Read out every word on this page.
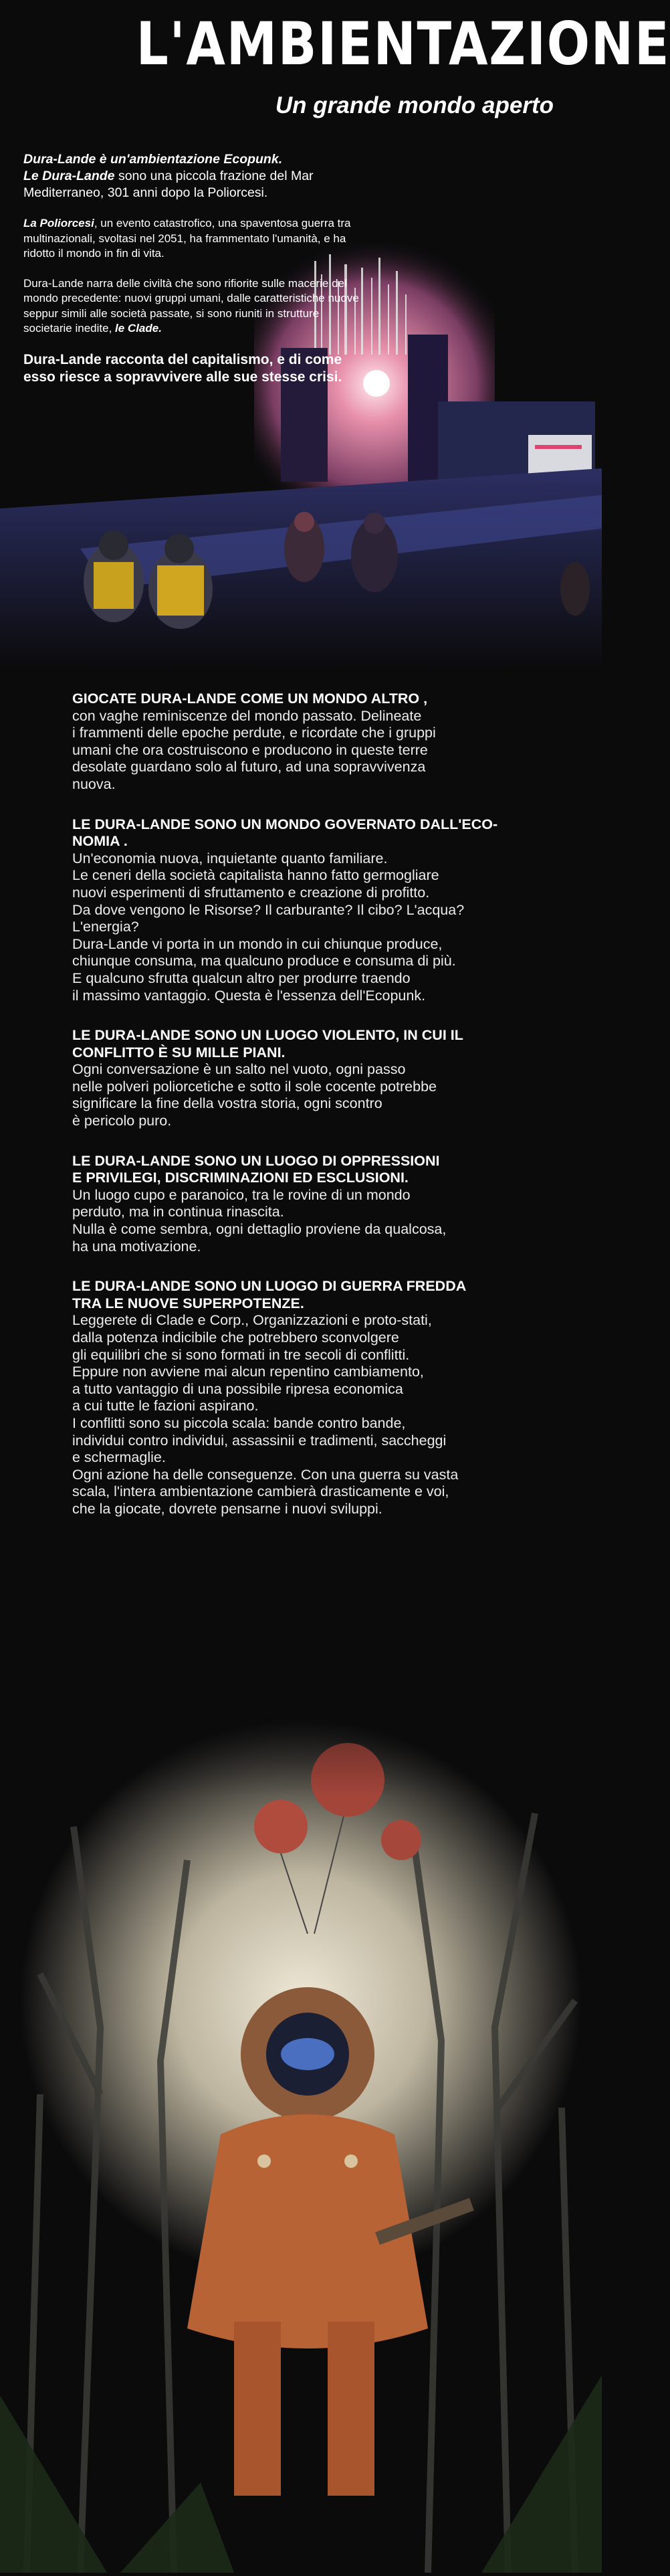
L'AMBIENTAZIONE

Un grande mondo aperto

Dura-Lande è un'ambientazione Ecopunk.
Le Dura-Lande sono una piccola frazione del Mar Mediterraneo, 301 anni dopo la Poliorcesi.

La Poliorcesi, un evento catastrofico, una spaventosa guerra tra multinazionali, svoltasi nel 2051, ha frammentato l'umanità, e ha ridotto il mondo in fin di vita.

Dura-Lande narra delle civiltà che sono rifiorite sulle macerie del mondo precedente: nuovi gruppi umani, dalle caratteristiche nuove seppur simili alle società passate, si sono riuniti in strutture societarie inedite, le Clade.

Dura-Lande racconta del capitalismo, e di come esso riesce a sopravvivere alle sue stesse crisi.

GIOCATE DURA-LANDE COME UN MONDO ALTRO ,

con vaghe reminiscenze del mondo passato. Delineate
i frammenti delle epoche perdute, e ricordate che i gruppi
umani che ora costruiscono e producono in queste terre
desolate guardano solo al futuro, ad una sopravvivenza
nuova.

LE DURA-LANDE SONO UN MONDO GOVERNATO DALL'ECO-
NOMIA .

Un'economia nuova, inquietante quanto familiare.
Le ceneri della società capitalista hanno fatto germogliare
nuovi esperimenti di sfruttamento e creazione di profitto.
Da dove vengono le Risorse? Il carburante? Il cibo? L'acqua?
L'energia?
Dura-Lande vi porta in un mondo in cui chiunque produce,
chiunque consuma, ma qualcuno produce e consuma di più.
E qualcuno sfrutta qualcun altro per produrre traendo
il massimo vantaggio. Questa è l'essenza dell'Ecopunk.

LE DURA-LANDE SONO UN LUOGO VIOLENTO, IN CUI IL
CONFLITTO È SU MILLE PIANI.

Ogni conversazione è un salto nel vuoto, ogni passo
nelle polveri poliorcetiche e sotto il sole cocente potrebbe
significare la fine della vostra storia, ogni scontro
è pericolo puro.

LE DURA-LANDE SONO UN LUOGO DI OPPRESSIONI
E PRIVILEGI, DISCRIMINAZIONI ED ESCLUSIONI.

Un luogo cupo e paranoico, tra le rovine di un mondo
perduto, ma in continua rinascita.
Nulla è come sembra, ogni dettaglio proviene da qualcosa,
ha una motivazione.

LE DURA-LANDE SONO UN LUOGO DI GUERRA FREDDA
TRA LE NUOVE SUPERPOTENZE.

Leggerete di Clade e Corp., Organizzazioni e proto-stati,
dalla potenza indicibile che potrebbero sconvolgere
gli equilibri che si sono formati in tre secoli di conflitti.
Eppure non avviene mai alcun repentino cambiamento,
a tutto vantaggio di una possibile ripresa economica
a cui tutte le fazioni aspirano.
I conflitti sono su piccola scala: bande contro bande,
individui contro individui, assassinii e tradimenti, saccheggi
e schermaglie.
Ogni azione ha delle conseguenze. Con una guerra su vasta
scala, l'intera ambientazione cambierà drasticamente e voi,
che la giocate, dovrete pensarne i nuovi sviluppi.
